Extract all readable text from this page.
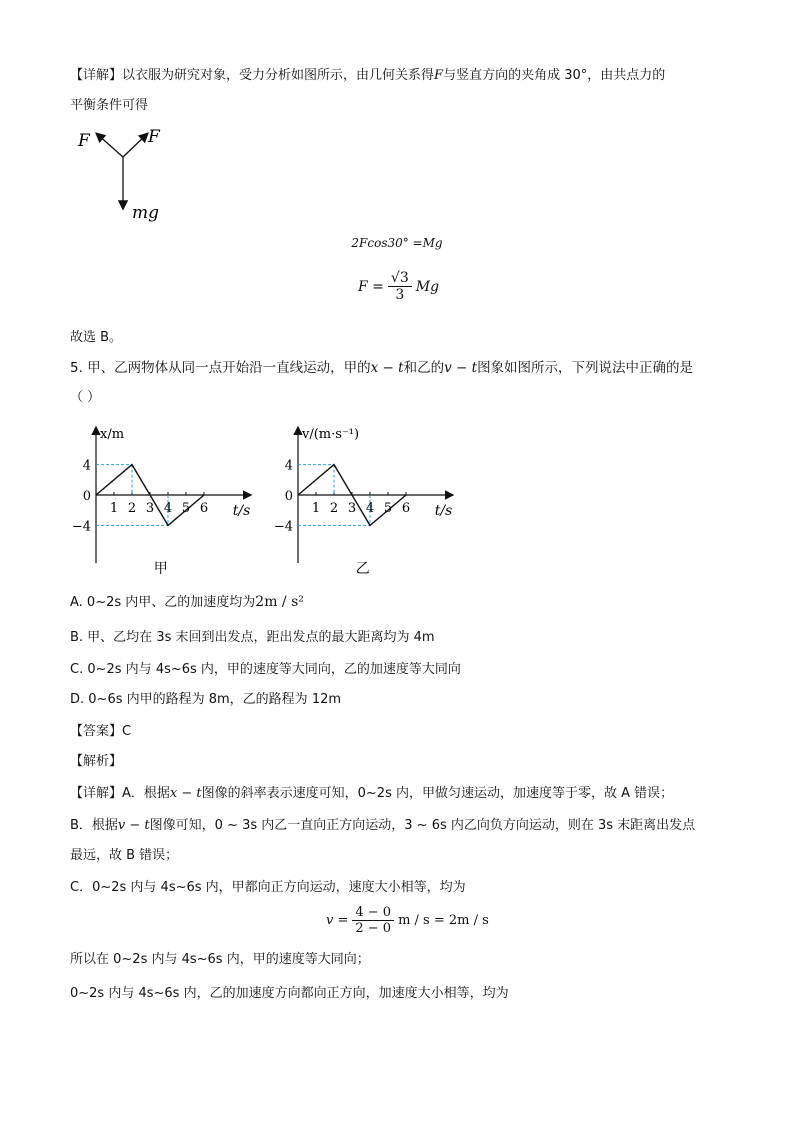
【详解】以衣服为研究对象，受力分析如图所示，由几何关系得F与竖直方向的夹角成 30°，由共点力的
平衡条件可得
F	F
mg
2Fcos30° =Mg
$F = \frac{√3}{3}$ Mg
故选 B。
5. 甲、乙两物体从同一点开始沿一直线运动，甲的x − t和乙的v − t图象如图所示，下列说法中正确的是
（ ）
x/m
t/s
4
0
−4
1 2 3 4 5 6
甲
v/(m·s⁻¹)
t/s
4
0
−4
1 2 3 4 5 6
乙
A. 0~2s 内甲、乙的加速度均为2m / s²
B. 甲、乙均在 3s 末回到出发点，距出发点的最大距离均为 4m
C. 0~2s 内与 4s~6s 内，甲的速度等大同向，乙的加速度等大同向
D. 0~6s 内甲的路程为 8m，乙的路程为 12m
【答案】C
【解析】
【详解】A．根据x − t图像的斜率表示速度可知，0~2s 内，甲做匀速运动，加速度等于零，故 A 错误；
B．根据v − t图像可知，0 ~ 3s 内乙一直向正方向运动，3 ~ 6s 内乙向负方向运动，则在 3s 末距离出发点
最远，故 B 错误；
C．0~2s 内与 4s~6s 内，甲都向正方向运动，速度大小相等，均为
$v = \frac{4 - 0}{2 - 0}$ m / s = 2m / s
所以在 0~2s 内与 4s~6s 内，甲的速度等大同向；
0~2s 内与 4s~6s 内，乙的加速度方向都向正方向，加速度大小相等，均为
